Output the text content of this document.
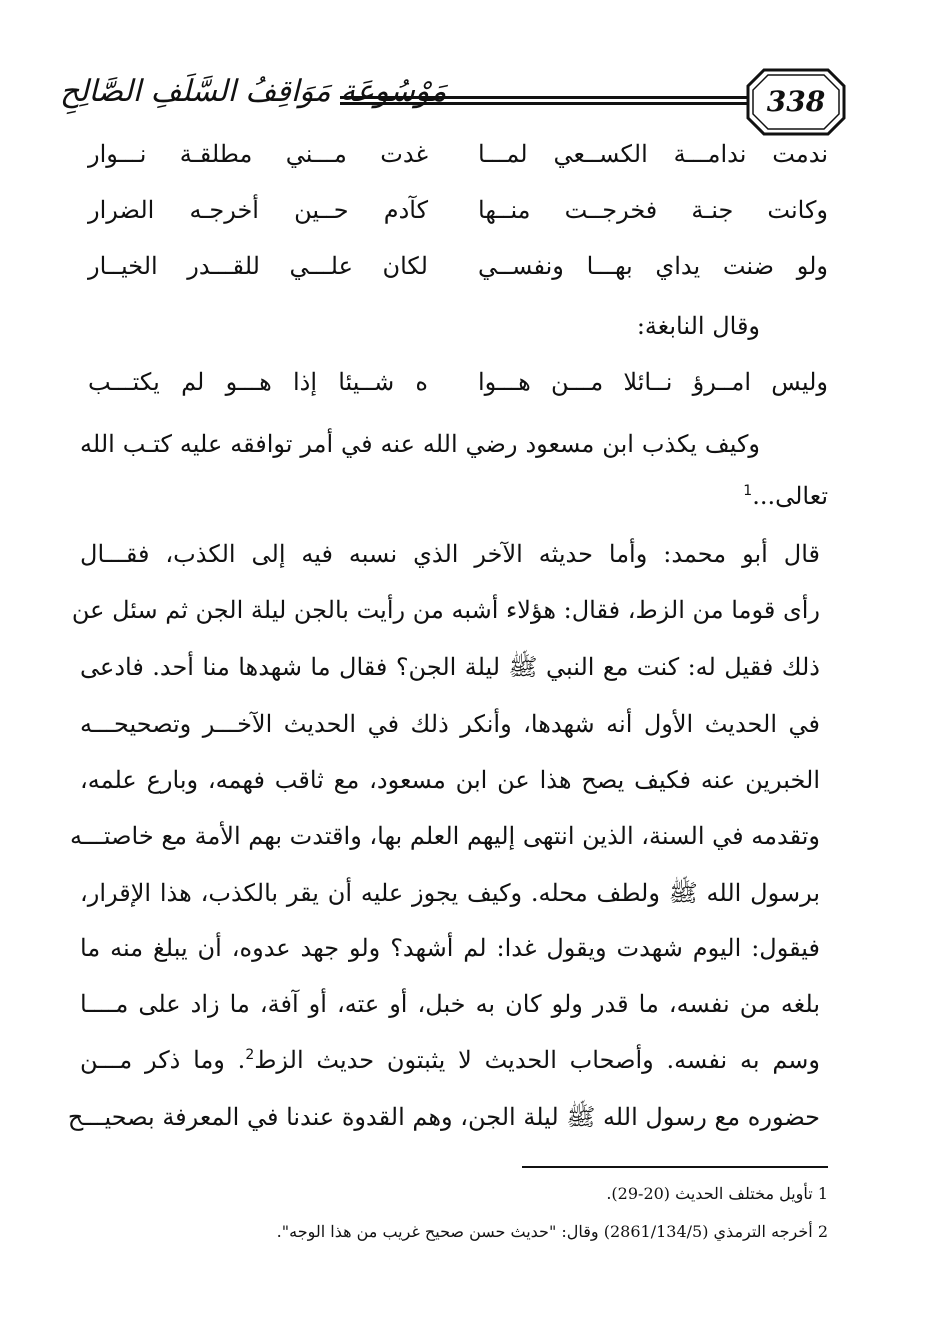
مَوْسُوعَة مَوَاقِفُ السَّلَفِ الصَّالِحِ	338
ندمت ندامـــة الكســعي لمـــا
غدت مـــني مطلقـة نـــوار
وكانت جنـة فخرجــت منــها
كآدم حــين أخرجـه الضرار
ولو ضنت يداي بهـــا ونفســي
لكان علـــي للقـــدر الخيــار
وقال النابغة:
وليس امــرؤ نــائلا مـــن هـــوا
ه شــيئا إذا هـــو لم يكتـــب
وكيف يكذب ابن مسعود رضي الله عنه في أمر توافقه عليه كتـب الله
تعالى...$^1$
قال أبو محمد: وأما حديثه الآخر الذي نسبه فيه إلى الكذب، فقـــال
رأى قوما من الزط، فقال: هؤلاء أشبه من رأيت بالجن ليلة الجن ثم سئل عن
ذلك فقيل له: كنت مع النبي ﷺ ليلة الجن؟ فقال ما شهدها منا أحد. فادعى
في الحديث الأول أنه شهدها، وأنكر ذلك في الحديث الآخـــر وتصحيحـــه
الخبرين عنه فكيف يصح هذا عن ابن مسعود، مع ثاقب فهمه، وبارع علمه،
وتقدمه في السنة، الذين انتهى إليهم العلم بها، واقتدت بهم الأمة مع خاصتـــه
برسول الله ﷺ ولطف محله. وكيف يجوز عليه أن يقر بالكذب، هذا الإقرار،
فيقول: اليوم شهدت ويقول غدا: لم أشهد؟ ولو جهد عدوه، أن يبلغ منه ما
بلغه من نفسه، ما قدر ولو كان به خبل، أو عته، أو آفة، ما زاد على مــــا
وسم به نفسه. وأصحاب الحديث لا يثبتون حديث الزط$^2$. وما ذكر مـــن
حضوره مع رسول الله ﷺ ليلة الجن، وهم القدوة عندنا في المعرفة بصحيـــح
1 تأويل مختلف الحديث (20-29).
2 أخرجه الترمذي (2861/134/5) وقال: "حديث حسن صحيح غريب من هذا الوجه".
